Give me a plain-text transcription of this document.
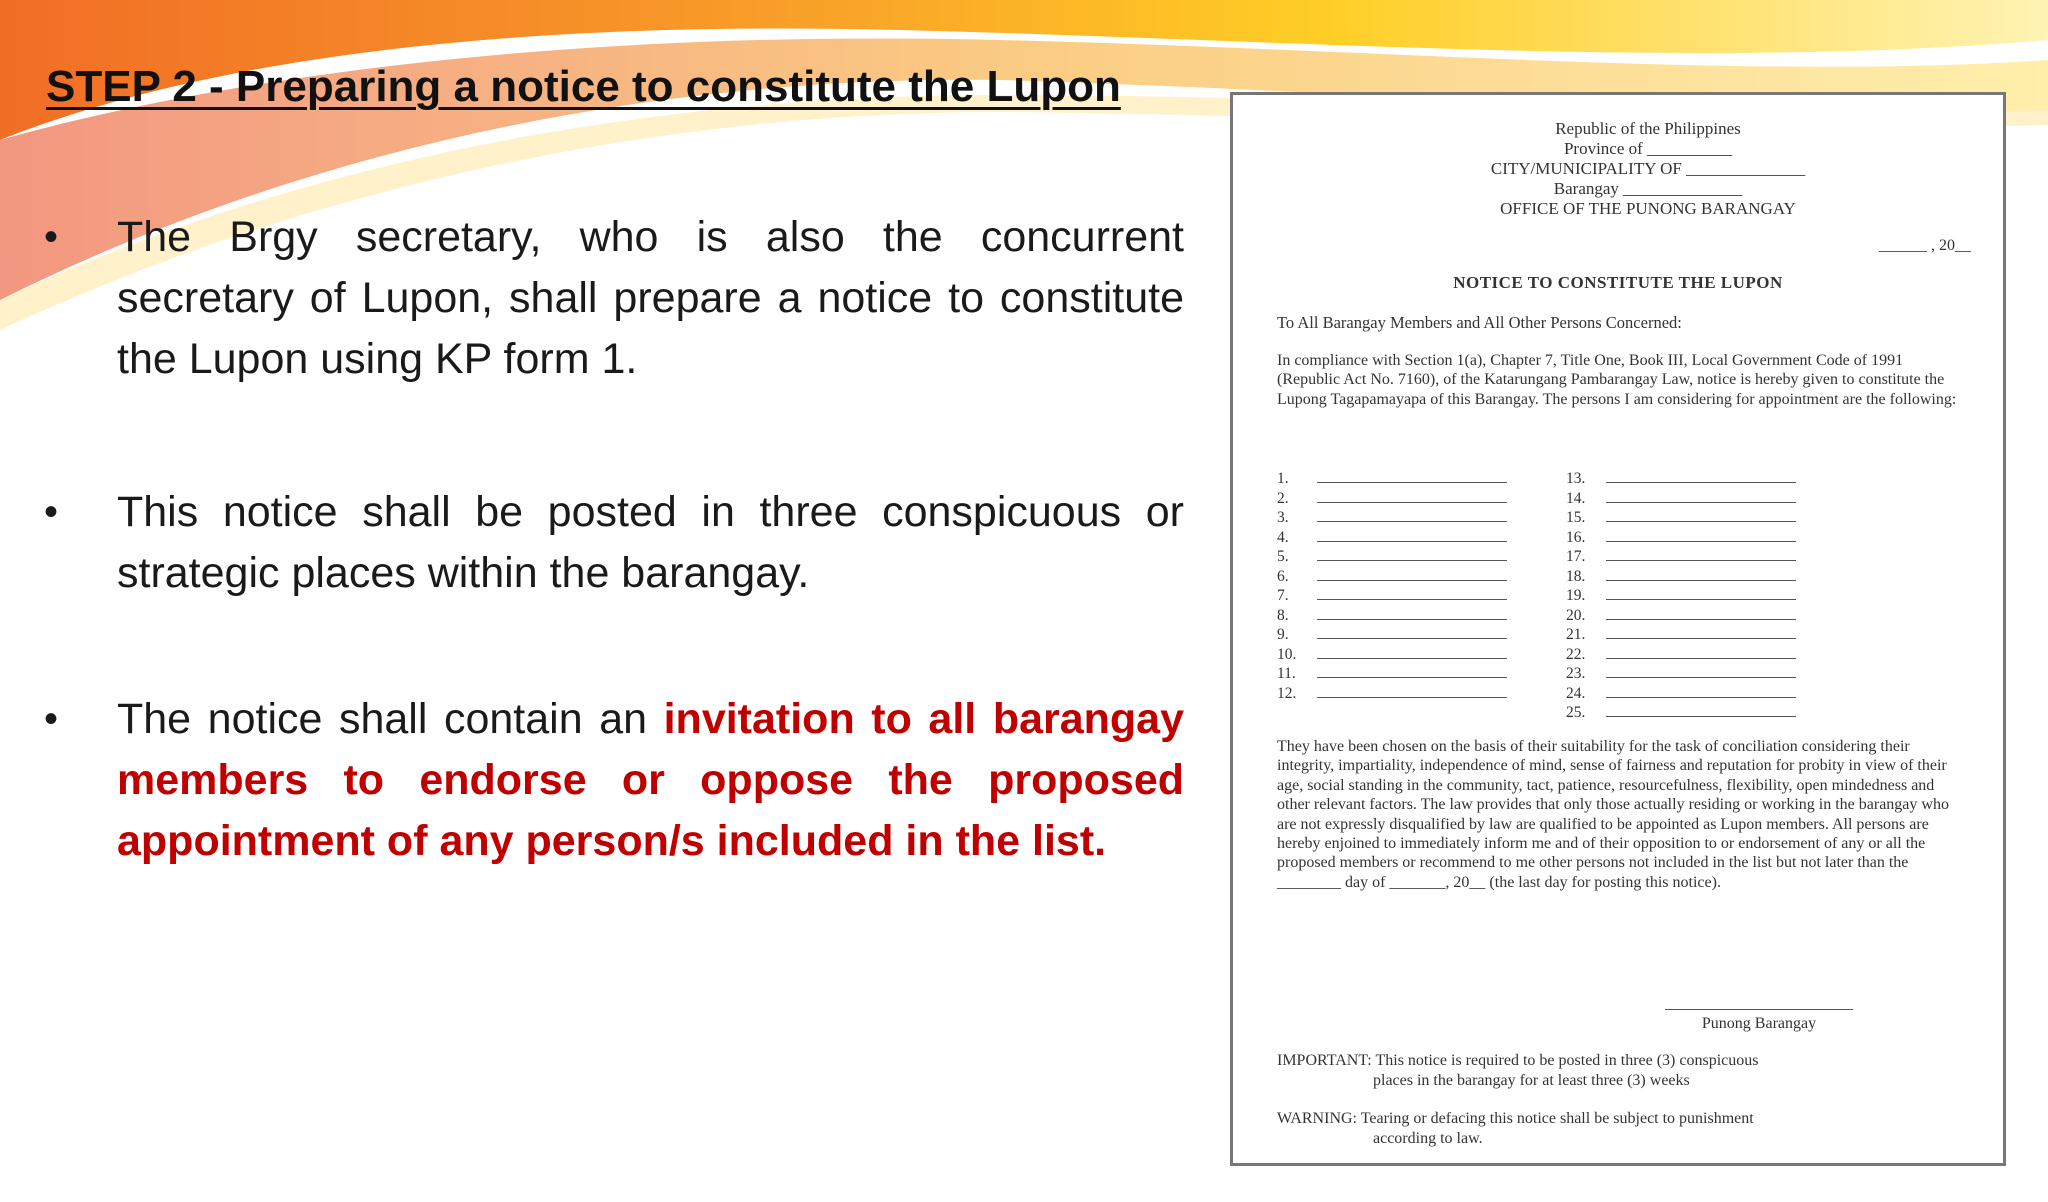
STEP 2 - Preparing a notice to constitute the Lupon

• The Brgy secretary, who is also the concurrent secretary of Lupon, shall prepare a notice to constitute the Lupon using KP form 1.

• This notice shall be posted in three conspicuous or strategic places within the barangay.

• The notice shall contain an invitation to all barangay members to endorse or oppose the proposed appointment of any person/s included in the list.

Republic of the Philippines
Province of __________
CITY/MUNICIPALITY OF ______________
Barangay ______________
OFFICE OF THE PUNONG BARANGAY
______ , 20__
NOTICE TO CONSTITUTE THE LUPON
To All Barangay Members and All Other Persons Concerned:
In compliance with Section 1(a), Chapter 7, Title One, Book III, Local Government Code of 1991 (Republic Act No. 7160), of the Katarungang Pambarangay Law, notice is hereby given to constitute the Lupong Tagapamayapa of this Barangay. The persons I am considering for appointment are the following:
1.
2.
3.
4.
5.
6.
7.
8.
9.
10.
11.
12.
13.
14.
15.
16.
17.
18.
19.
20.
21.
22.
23.
24.
25.
They have been chosen on the basis of their suitability for the task of conciliation considering their integrity, impartiality, independence of mind, sense of fairness and reputation for probity in view of their age, social standing in the community, tact, patience, resourcefulness, flexibility, open mindedness and other relevant factors. The law provides that only those actually residing or working in the barangay who are not expressly disqualified by law are qualified to be appointed as Lupon members. All persons are hereby enjoined to immediately inform me and of their opposition to or endorsement of any or all the proposed members or recommend to me other persons not included in the list but not later than the ________ day of _______, 20__ (the last day for posting this notice).
Punong Barangay
IMPORTANT: This notice is required to be posted in three (3) conspicuous
places in the barangay for at least three (3) weeks
WARNING: Tearing or defacing this notice shall be subject to punishment
according to law.
